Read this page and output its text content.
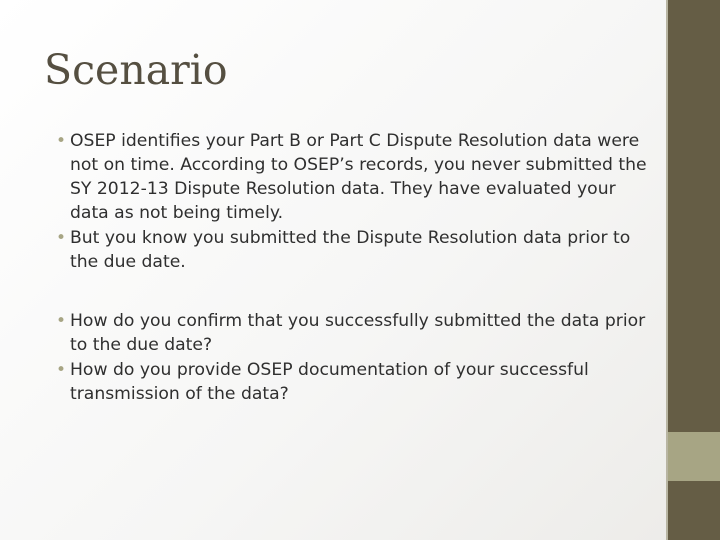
Scenario
• OSEP identifies your Part B or Part C Dispute Resolution data were not on time. According to OSEP’s records, you never submitted the SY 2012-13 Dispute Resolution data. They have evaluated your data as not being timely.
• But you know you submitted the Dispute Resolution data prior to the due date.
• How do you confirm that you successfully submitted the data prior to the due date?
• How do you provide OSEP documentation of your successful transmission of the data?
